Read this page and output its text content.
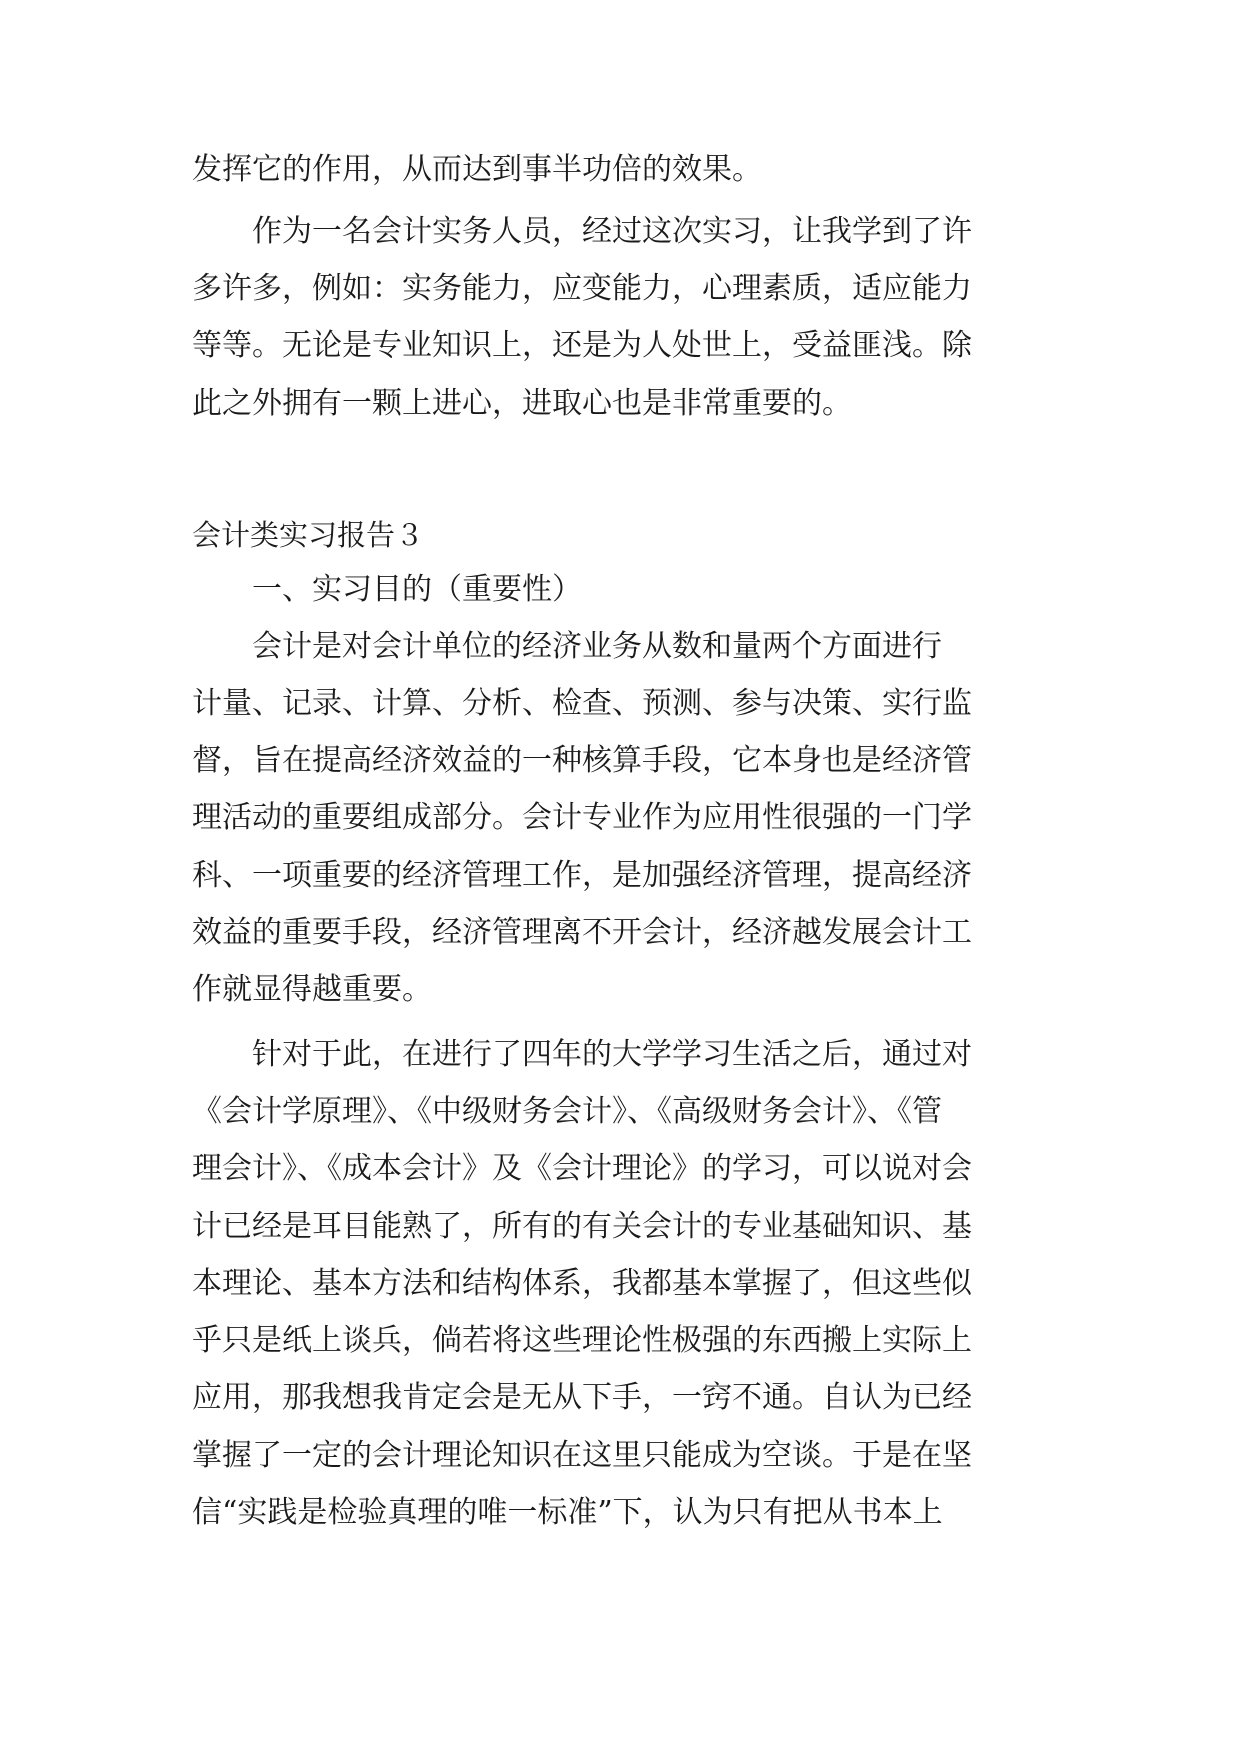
发挥它的作用，从而达到事半功倍的效果。
作为一名会计实务人员，经过这次实习，让我学到了许
多许多，例如：实务能力，应变能力，心理素质，适应能力
等等。无论是专业知识上，还是为人处世上，受益匪浅。除
此之外拥有一颗上进心，进取心也是非常重要的。
会计类实习报告３
一、实习目的（重要性）
会计是对会计单位的经济业务从数和量两个方面进行
计量、记录、计算、分析、检查、预测、参与决策、实行监
督，旨在提高经济效益的一种核算手段，它本身也是经济管
理活动的重要组成部分。会计专业作为应用性很强的一门学
科、一项重要的经济管理工作，是加强经济管理，提高经济
效益的重要手段，经济管理离不开会计，经济越发展会计工
作就显得越重要。
针对于此，在进行了四年的大学学习生活之后，通过对
《会计学原理》、《中级财务会计》、《高级财务会计》、《管
理会计》、《成本会计》及《会计理论》的学习，可以说对会
计已经是耳目能熟了，所有的有关会计的专业基础知识、基
本理论、基本方法和结构体系，我都基本掌握了，但这些似
乎只是纸上谈兵，倘若将这些理论性极强的东西搬上实际上
应用，那我想我肯定会是无从下手，一窍不通。自认为已经
掌握了一定的会计理论知识在这里只能成为空谈。于是在坚
信“实践是检验真理的唯一标准”下，认为只有把从书本上
